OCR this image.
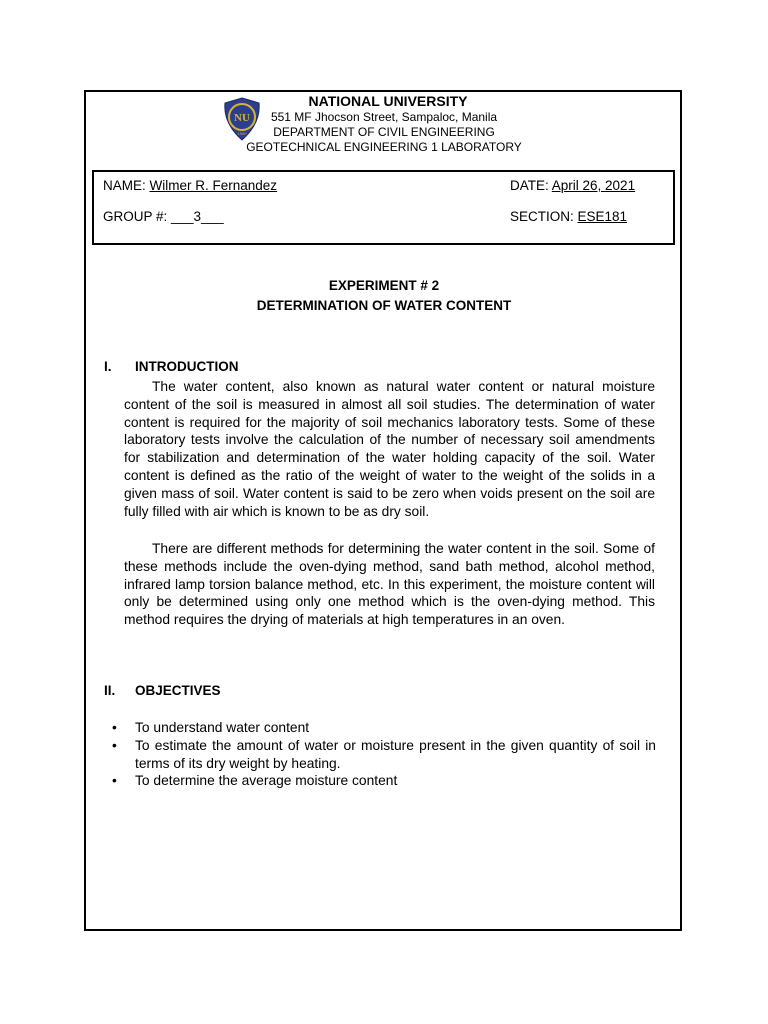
NU
1900
NATIONAL UNIVERSITY
551 MF Jhocson Street, Sampaloc, Manila
DEPARTMENT OF CIVIL ENGINEERING
GEOTECHNICAL ENGINEERING 1 LABORATORY
NAME: Wilmer R. Fernandez	DATE: April 26, 2021
GROUP #: ___3___	SECTION: ESE181
EXPERIMENT # 2
DETERMINATION OF WATER CONTENT
I. INTRODUCTION

The water content, also known as natural water content or natural moisture content of the soil is measured in almost all soil studies. The determination of water content is required for the majority of soil mechanics laboratory tests. Some of these laboratory tests involve the calculation of the number of necessary soil amendments for stabilization and determination of the water holding capacity of the soil. Water content is defined as the ratio of the weight of water to the weight of the solids in a given mass of soil. Water content is said to be zero when voids present on the soil are fully filled with air which is known to be as dry soil.

There are different methods for determining the water content in the soil. Some of these methods include the oven-dying method, sand bath method, alcohol method, infrared lamp torsion balance method, etc. In this experiment, the moisture content will only be determined using only one method which is the oven-dying method. This method requires the drying of materials at high temperatures in an oven.

II. OBJECTIVES
• To understand water content
• To estimate the amount of water or moisture present in the given quantity of soil in terms of its dry weight by heating.
• To determine the average moisture content
